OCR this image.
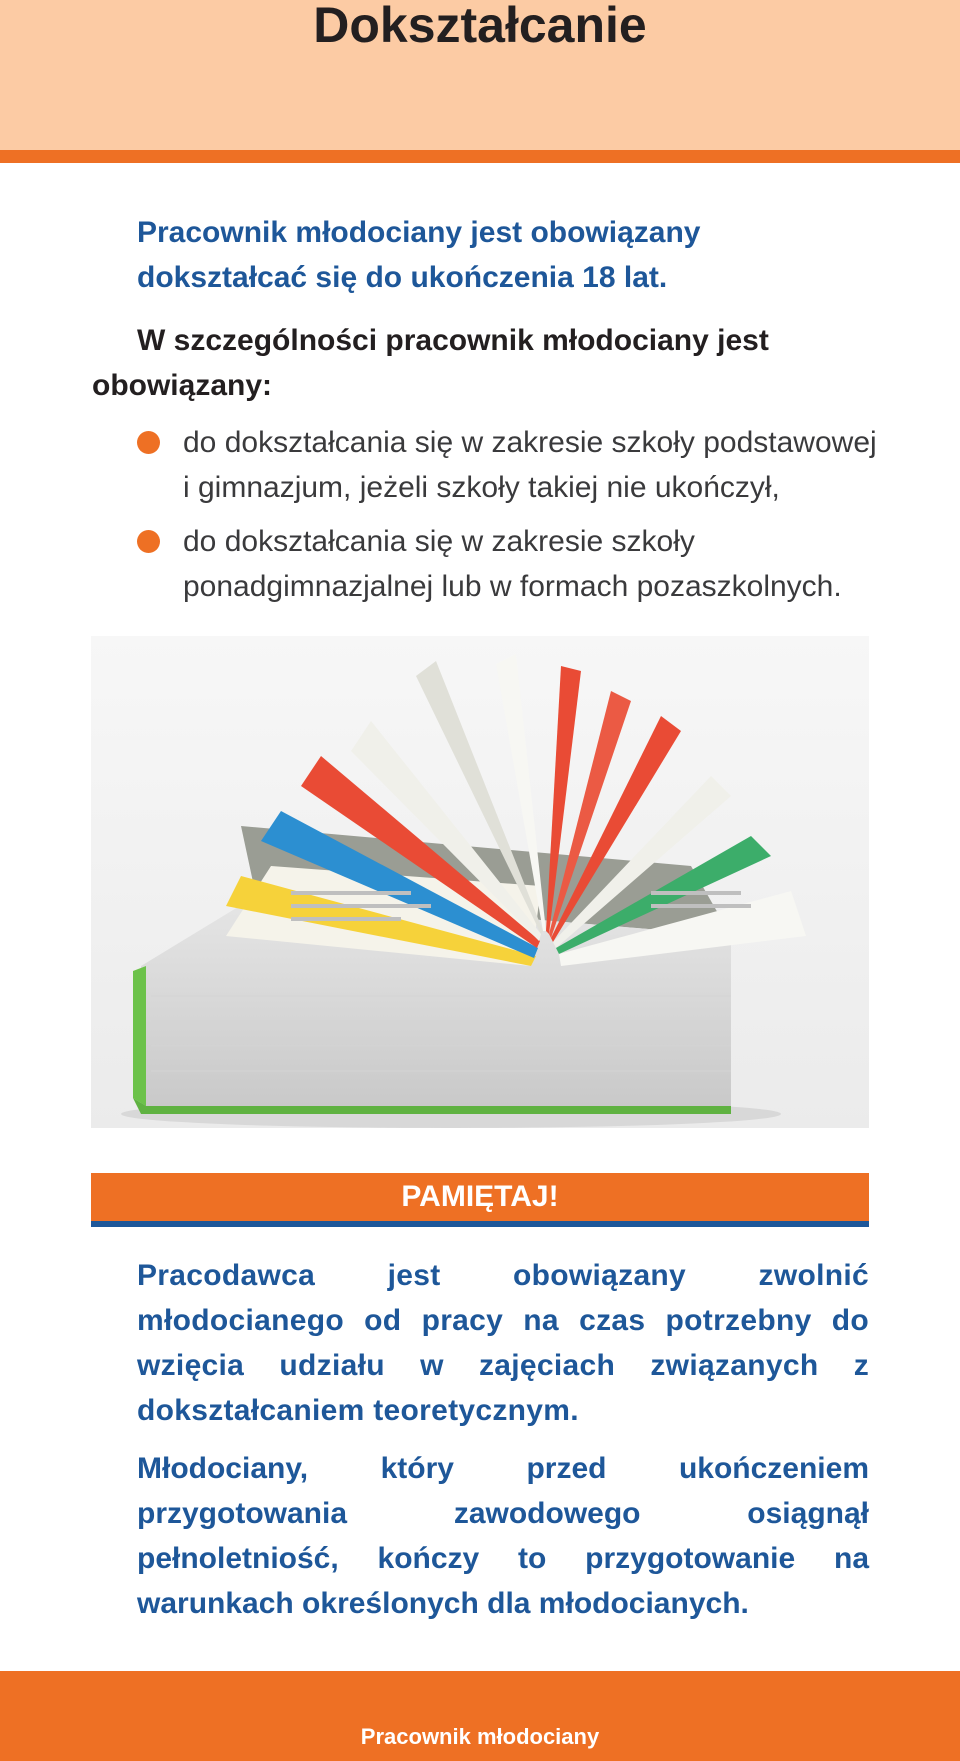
Dokształcanie

Pracownik młodociany jest obowiązany dokształcać się do ukończenia 18 lat.

W szczególności pracownik młodociany jest obowiązany:

do dokształcania się w zakresie szkoły podstawowej i gimnazjum, jeżeli szkoły takiej nie ukończył,
do dokształcania się w zakresie szkoły ponadgimnazjalnej lub w formach pozaszkolnych.
PAMIĘTAJ!

Pracodawca jest obowiązany zwolnić młodocianego od pracy na czas potrzebny do wzięcia udziału w zajęciach związanych z dokształcaniem teoretycznym.

Młodociany, który przed ukończeniem przygotowania zawodowego osiągnął pełnoletniość, kończy to przygotowanie na warunkach określonych dla młodocianych.

Pracownik młodociany
